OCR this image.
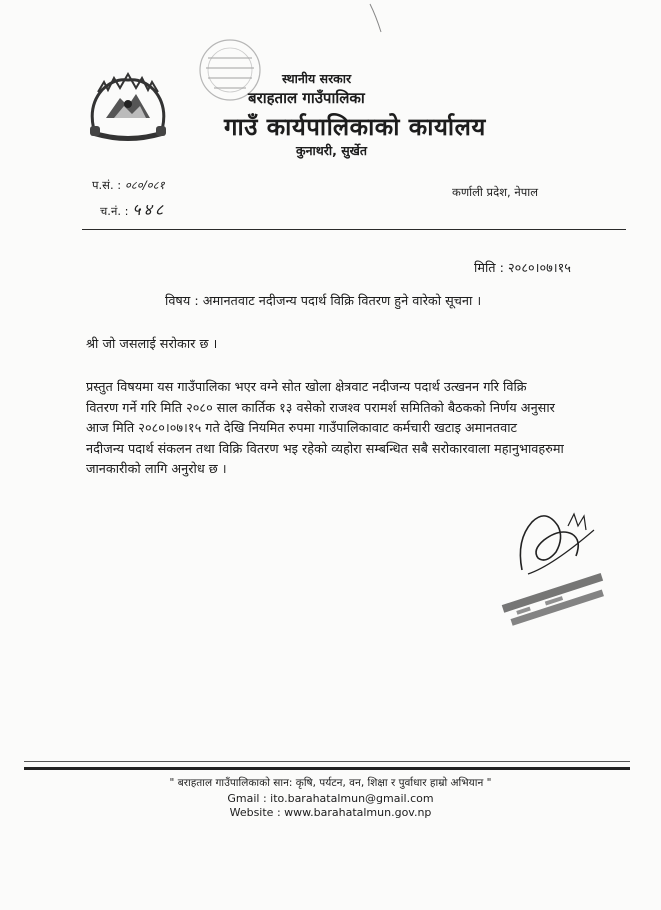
स्थानीय सरकार
बराहताल गाउँपालिका
गाउँ कार्यपालिकाको कार्यालय
कुनाथरी, सुर्खेत
प.सं. : ०८०/०८१
च.नं. : ५४८
कर्णाली प्रदेश, नेपाल
मिति : २०८०।०७।१५
विषय : अमानतवाट नदीजन्य पदार्थ विक्रि वितरण हुने वारेको सूचना ।
श्री जो जसलाई सरोकार छ ।
प्रस्तुत विषयमा यस गाउँपालिका भएर वग्ने सोत खोला क्षेत्रवाट नदीजन्य पदार्थ उत्खनन गरि विक्रि
वितरण गर्ने गरि मिति २०८० साल कार्तिक १३ वसेको राजश्व परामर्श समितिको बैठकको निर्णय अनुसार
आज मिति २०८०।०७।१५ गते देखि नियमित रुपमा गाउँपालिकावाट कर्मचारी खटाइ अमानतवाट
नदीजन्य पदार्थ संकलन तथा विक्रि वितरण भइ रहेको व्यहोरा सम्बन्धित सबै सरोकारवाला महानुभावहरुमा
जानकारीको लागि अनुरोध छ ।
" बराहताल गाउँपालिकाको सान: कृषि, पर्यटन, वन, शिक्षा र पुर्वाधार हाम्रो अभियान "
Gmail : ito.barahatalmun@gmail.com
Website : www.barahatalmun.gov.np
